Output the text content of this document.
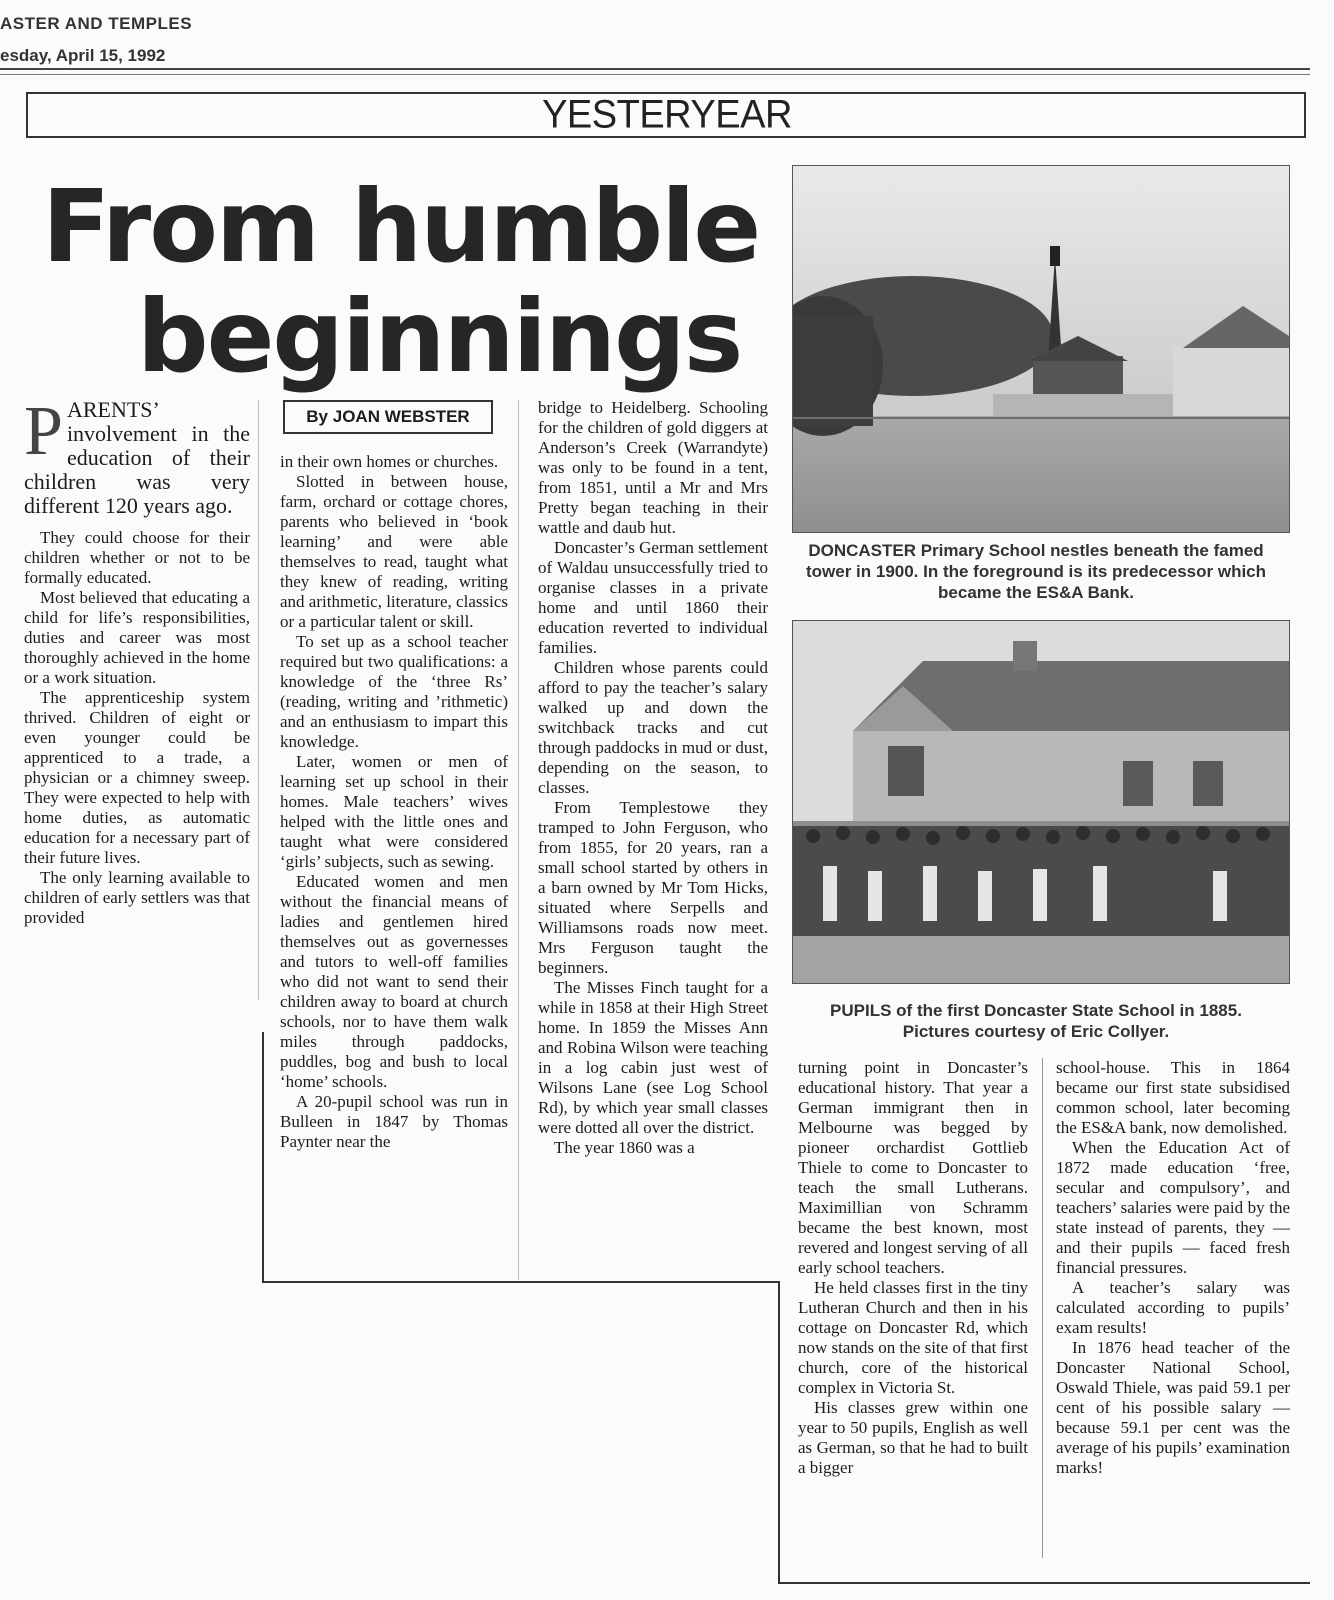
ASTER AND TEMPLES
esday, April 15, 1992
YESTERYEAR
From humble
beginnings
PARENTS’ involvement in the education of their children was very different 120 years ago.

They could choose for their children whether or not to be formally educated.

Most believed that educating a child for life’s responsibilities, duties and career was most thoroughly achieved in the home or a work situation.

The apprenticeship system thrived. Children of eight or even younger could be apprenticed to a trade, a physician or a chimney sweep. They were expected to help with home duties, as automatic education for a necessary part of their future lives.

The only learning available to children of early settlers was that provided

By JOAN WEBSTER

in their own homes or churches.

Slotted in between house, farm, orchard or cottage chores, parents who believed in ‘book learning’ and were able themselves to read, taught what they knew of reading, writing and arithmetic, literature, classics or a particular talent or skill.

To set up as a school teacher required but two qualifications: a knowledge of the ‘three Rs’ (reading, writing and ’rithmetic) and an enthusiasm to impart this knowledge.

Later, women or men of learning set up school in their homes. Male teachers’ wives helped with the little ones and taught what were considered ‘girls’ subjects, such as sewing.

Educated women and men without the financial means of ladies and gentlemen hired themselves out as governesses and tutors to well-off families who did not want to send their children away to board at church schools, nor to have them walk miles through paddocks, puddles, bog and bush to local ‘home’ schools.

A 20-pupil school was run in Bulleen in 1847 by Thomas Paynter near the

bridge to Heidelberg. Schooling for the children of gold diggers at Anderson’s Creek (Warrandyte) was only to be found in a tent, from 1851, until a Mr and Mrs Pretty began teaching in their wattle and daub hut.

Doncaster’s German settlement of Waldau unsuccessfully tried to organise classes in a private home and until 1860 their education reverted to individual families.

Children whose parents could afford to pay the teacher’s salary walked up and down the switchback tracks and cut through paddocks in mud or dust, depending on the season, to classes.

From Templestowe they tramped to John Ferguson, who from 1855, for 20 years, ran a small school started by others in a barn owned by Mr Tom Hicks, situated where Serpells and Williamsons roads now meet. Mrs Ferguson taught the beginners.

The Misses Finch taught for a while in 1858 at their High Street home. In 1859 the Misses Ann and Robina Wilson were teaching in a log cabin just west of Wilsons Lane (see Log School Rd), by which year small classes were dotted all over the district.

The year 1860 was a

DONCASTER Primary School nestles beneath the famed tower in 1900. In the foreground is its predecessor which became the ES&A Bank.
PUPILS of the first Doncaster State School in 1885. Pictures courtesy of Eric Collyer.

turning point in Doncaster’s educational history. That year a German immigrant then in Melbourne was begged by pioneer orchardist Gottlieb Thiele to come to Doncaster to teach the small Lutherans. Maximillian von Schramm became the best known, most revered and longest serving of all early school teachers.

He held classes first in the tiny Lutheran Church and then in his cottage on Doncaster Rd, which now stands on the site of that first church, core of the historical complex in Victoria St.

His classes grew within one year to 50 pupils, English as well as German, so that he had to built a bigger

school-house. This in 1864 became our first state subsidised common school, later becoming the ES&A bank, now demolished.

When the Education Act of 1872 made education ‘free, secular and compulsory’, and teachers’ salaries were paid by the state instead of parents, they — and their pupils — faced fresh financial pressures.

A teacher’s salary was calculated according to pupils’ exam results!

In 1876 head teacher of the Doncaster National School, Oswald Thiele, was paid 59.1 per cent of his possible salary — because 59.1 per cent was the average of his pupils’ examination marks!
